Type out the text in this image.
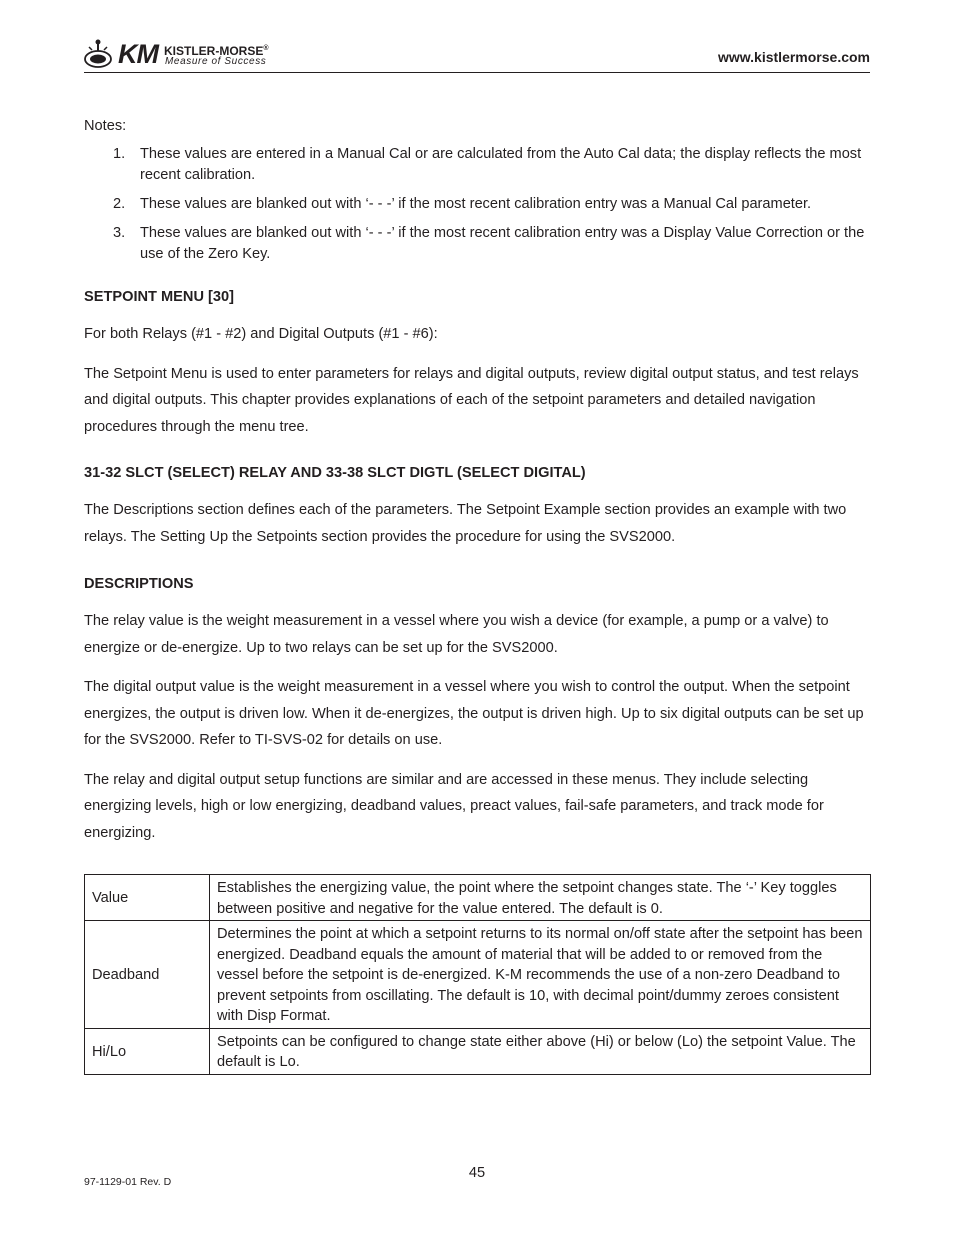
KM KISTLER-MORSE®
Measure of Success	www.kistlermorse.com
Notes:
1. These values are entered in a Manual Cal or are calculated from the Auto Cal data; the display reflects the most recent calibration.
2. These values are blanked out with ‘- - -’ if the most recent calibration entry was a Manual Cal parameter.
3. These values are blanked out with ‘- - -’ if the most recent calibration entry was a Display Value Correction or the use of the Zero Key.
SETPOINT MENU [30]

For both Relays (#1 - #2) and Digital Outputs (#1 - #6):

The Setpoint Menu is used to enter parameters for relays and digital outputs, review digital output status, and test relays and digital outputs. This chapter provides explanations of each of the setpoint parameters and detailed navigation procedures through the menu tree.

31-32 SLCT (SELECT) RELAY AND 33-38 SLCT DIGTL (SELECT DIGITAL)

The Descriptions section defines each of the parameters. The Setpoint Example section provides an example with two relays. The Setting Up the Setpoints section provides the procedure for using the SVS2000.

DESCRIPTIONS

The relay value is the weight measurement in a vessel where you wish a device (for example, a pump or a valve) to energize or de-energize. Up to two relays can be set up for the SVS2000.

The digital output value is the weight measurement in a vessel where you wish to control the output. When the setpoint energizes, the output is driven low. When it de-energizes, the output is driven high. Up to six digital outputs can be set up for the SVS2000. Refer to TI-SVS-02 for details on use.

The relay and digital output setup functions are similar and are accessed in these menus. They include selecting energizing levels, high or low energizing, deadband values, preact values, fail-safe parameters, and track mode for energizing.

Value	Establishes the energizing value, the point where the setpoint changes state. The ‘-’ Key toggles between positive and negative for the value entered. The default is 0.
Deadband	Determines the point at which a setpoint returns to its normal on/off state after the setpoint has been energized. Deadband equals the amount of material that will be added to or removed from the vessel before the setpoint is de-energized. K-M recommends the use of a non-zero Deadband to prevent setpoints from oscillating. The default is 10, with decimal point/dummy zeroes consistent with Disp Format.
Hi/Lo	Setpoints can be configured to change state either above (Hi) or below (Lo) the setpoint Value. The default is Lo.
45
97-1129-01 Rev. D
